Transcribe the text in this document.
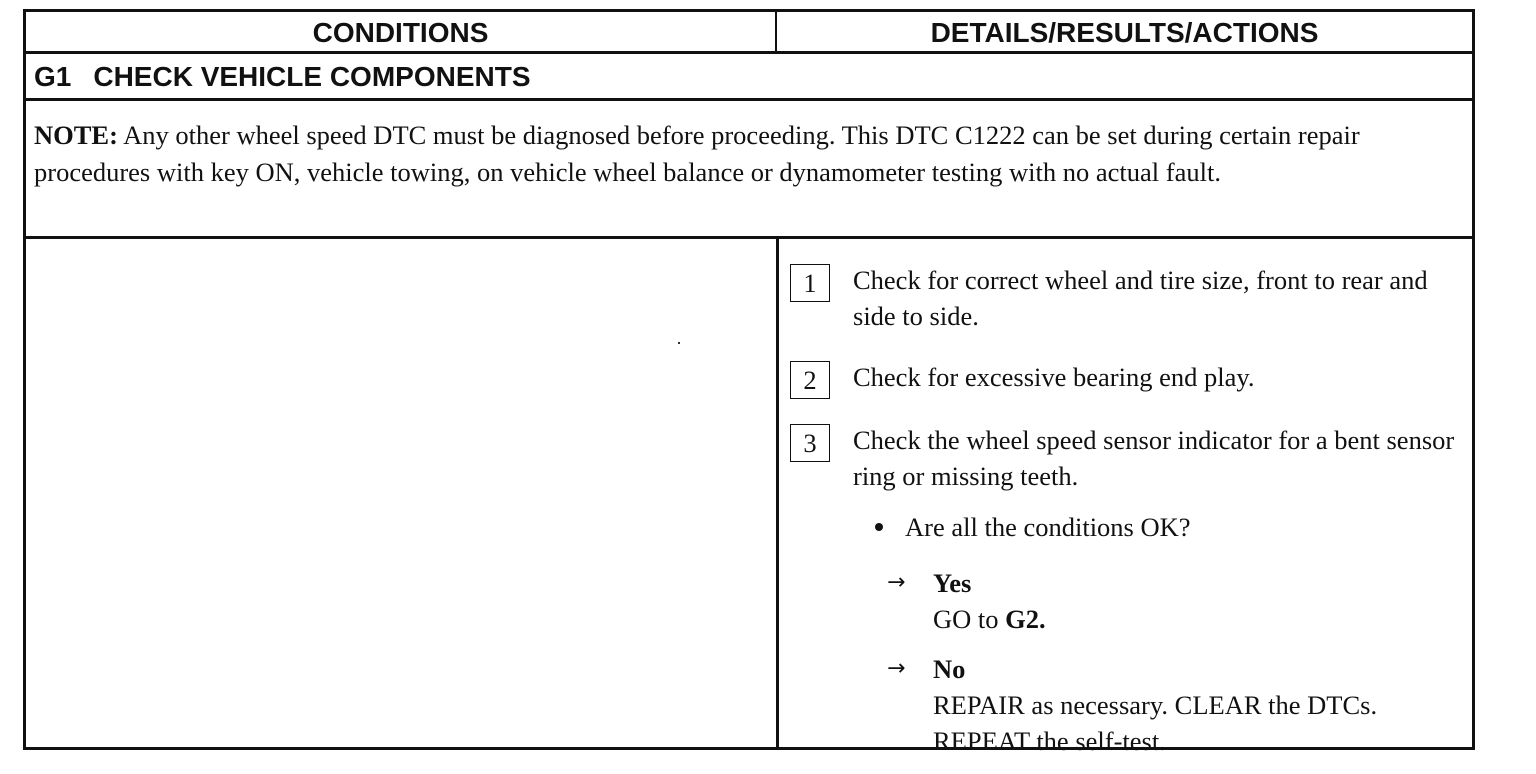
CONDITIONS	DETAILS/RESULTS/ACTIONS
G1 CHECK VEHICLE COMPONENTS
NOTE: Any other wheel speed DTC must be diagnosed before proceeding. This DTC C1222 can be set during certain repair procedures with key ON, vehicle towing, on vehicle wheel balance or dynamometer testing with no actual fault.
1	Check for correct wheel and tire size, front to rear and side to side.
2	Check for excessive bearing end play.
3	Check the wheel speed sensor indicator for a bent sensor ring or missing teeth.
Are all the conditions OK?
→ Yes
GO to G2.
→ No
REPAIR as necessary. CLEAR the DTCs.
REPEAT the self-test.
